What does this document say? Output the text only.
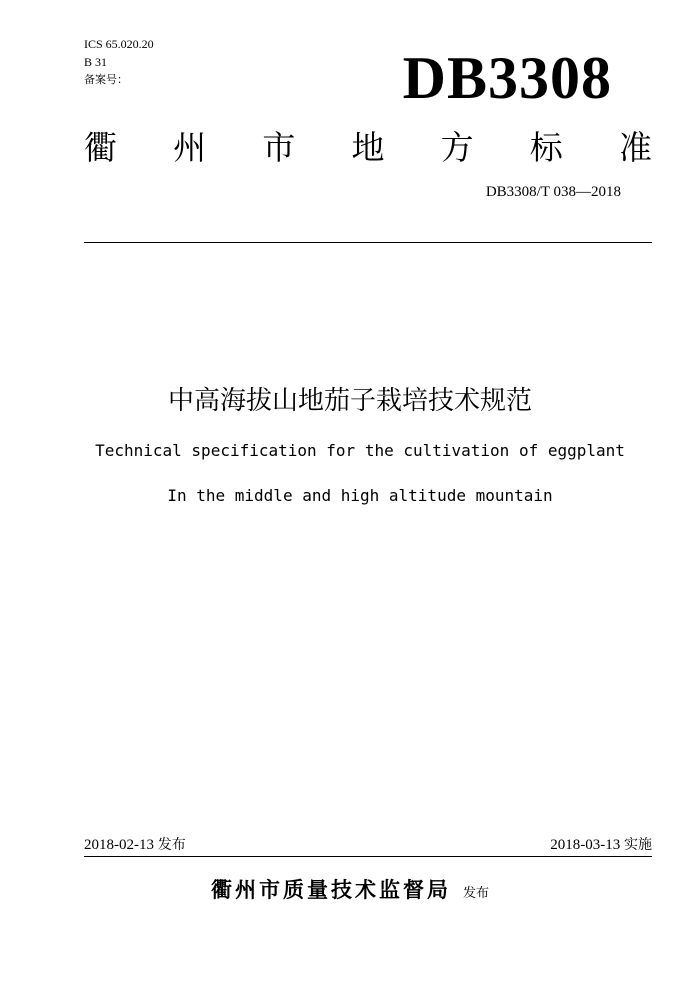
ICS 65.020.20
B 31
备案号：	DB3308
衢 州 市 地 方 标 准
DB3308/T 038—2018
中高海拔山地茄子栽培技术规范
Technical specification for the cultivation of eggplant
In the middle and high altitude mountain
2018-02-13 发布	2018-03-13 实施
衢州市质量技术监督局 发布
